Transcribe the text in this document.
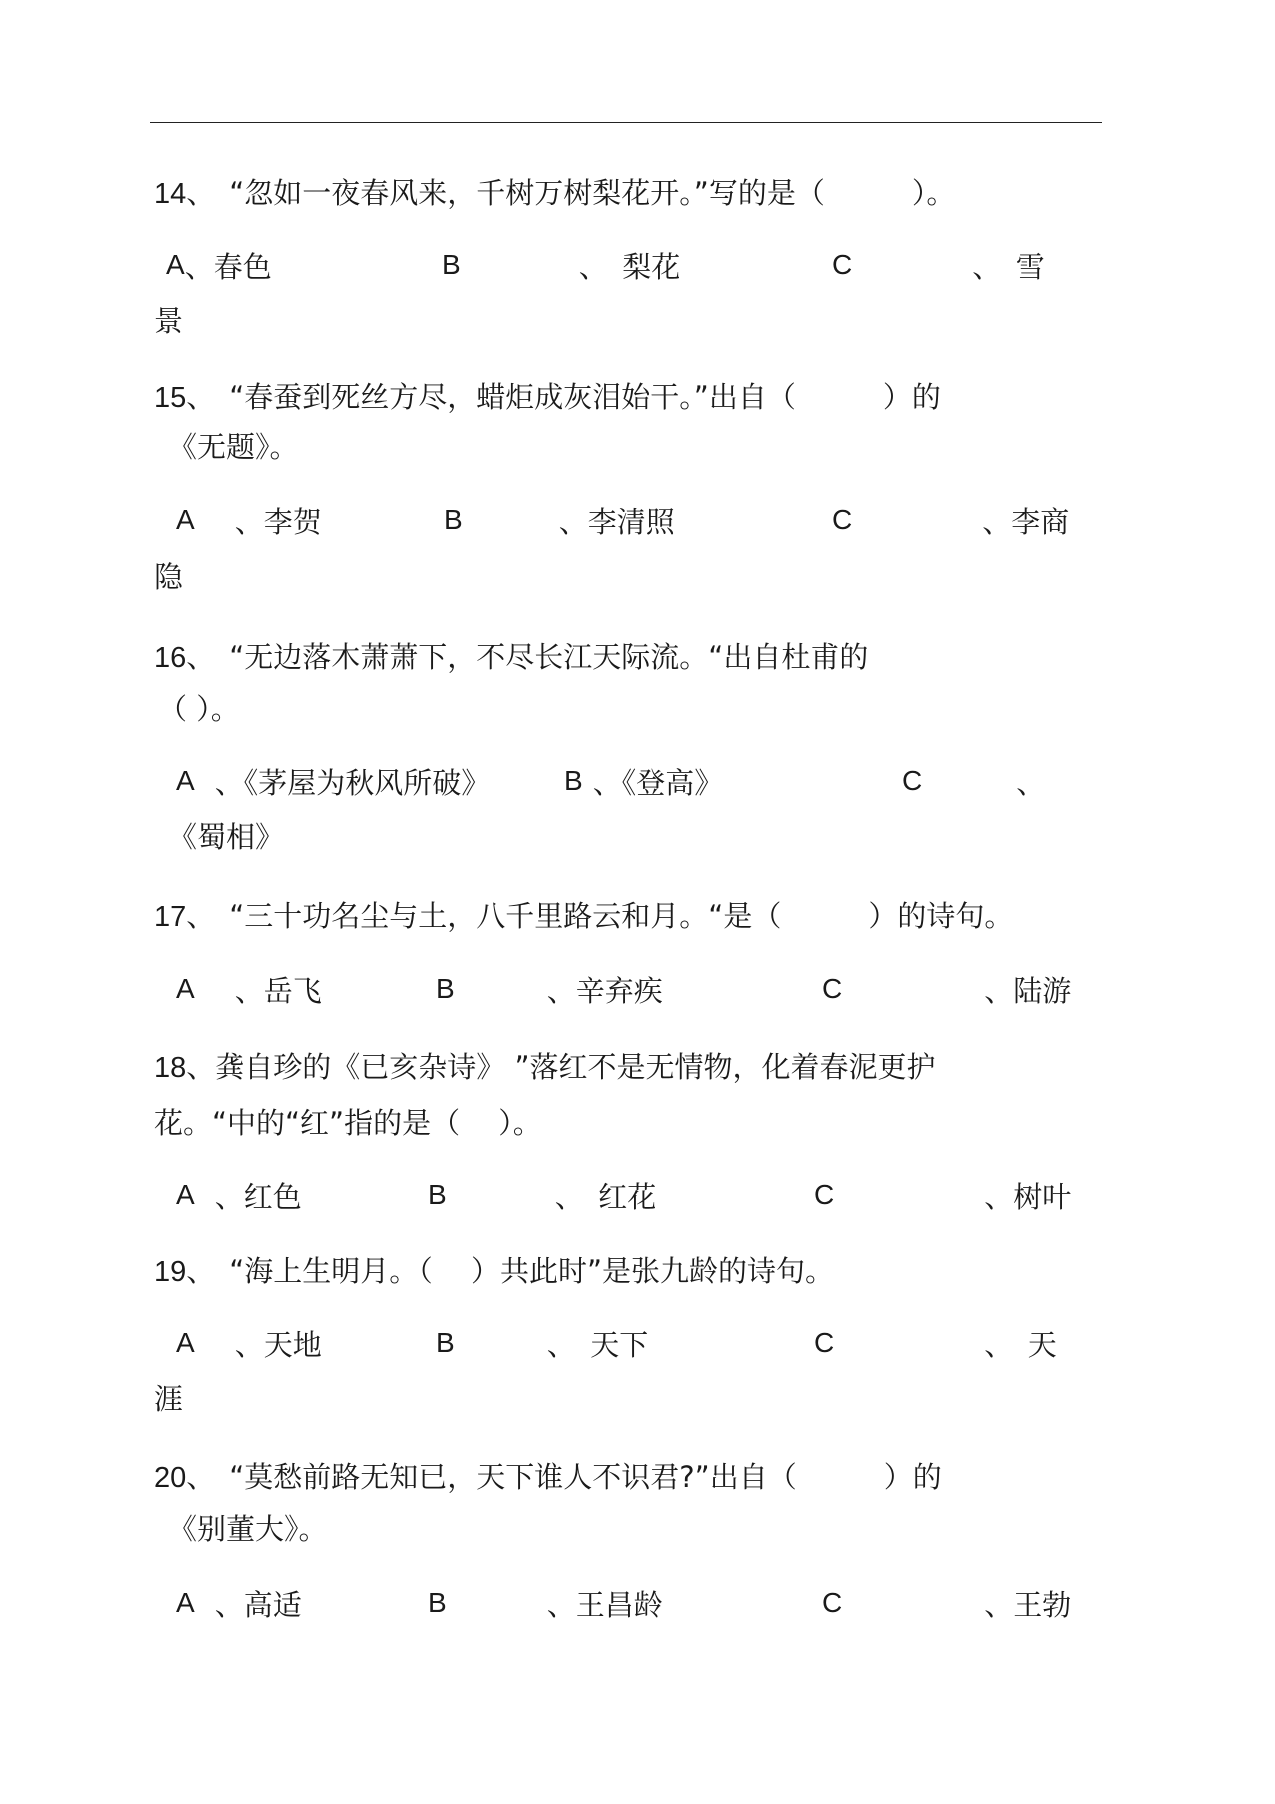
14、 “忽如一夜春风来，千树万树梨花开。”写的是（　　　）。
A、春色	B	、　梨花	C	、　雪
景
15、 “春蚕到死丝方尽，蜡炬成灰泪始干。”出自（　　　）的
《无题》。
A 、李贺	B	、李清照	C	、李商
隐
16、 “无边落木萧萧下，不尽长江天际流。“出自杜甫的
（ ）。
A 、《茅屋为秋风所破》	B 、《登高》	C	、
《蜀相》
17、 “三十功名尘与土，八千里路云和月。“是（　　　）的诗句。
A 、岳飞	B	、辛弃疾	C	、陆游
18、龚自珍的《已亥杂诗》 ”落红不是无情物，化着春泥更护
花。“中的“红”指的是（　 ）。
A 、红色	B	、　红花	C	、树叶
19、 “海上生明月。（　 ）共此时”是张九龄的诗句。
A 、天地	B	、　天下	C	、　天
涯
20、 “莫愁前路无知已，天下谁人不识君?”出自（　　　）的
《别董大》。
A 、高适	B	、王昌龄	C	、王勃
